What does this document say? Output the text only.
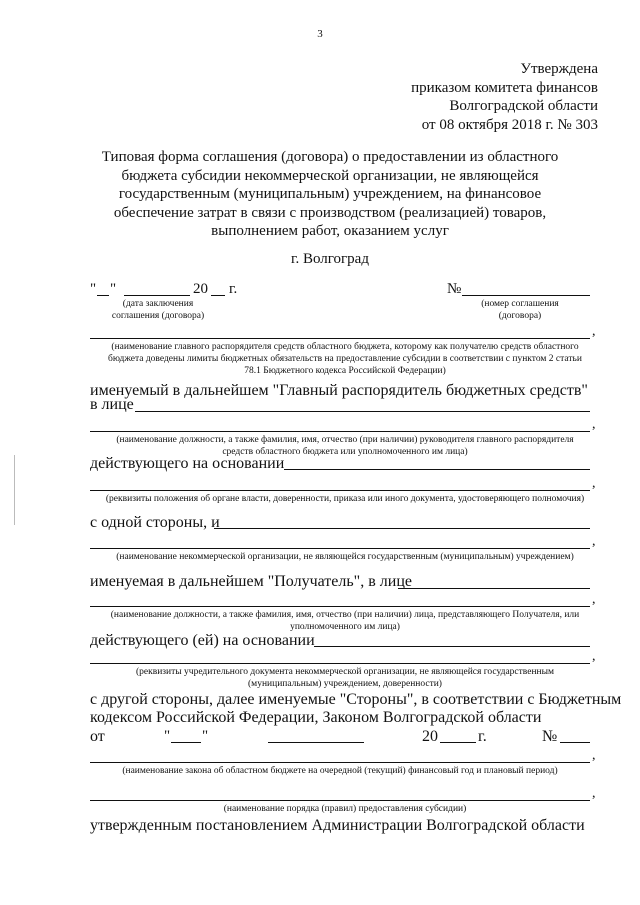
3
Утверждена
приказом комитета финансов
Волгоградской области
от 08 октября 2018 г. № 303
Типовая форма соглашения (договора) о предоставлении из областного бюджета субсидии некоммерческой организации, не являющейся государственным (муниципальным) учреждением, на финансовое обеспечение затрат в связи с производством (реализацией) товаров, выполнением работ, оказанием услуг
г. Волгоград
" "	20 г.	№
(дата заключения соглашения (договора)
(номер соглашения (договора)
,
(наименование главного распорядителя средств областного бюджета, которому как получателю средств областного бюджета доведены лимиты бюджетных обязательств на предоставление субсидии в соответствии с пунктом 2 статьи 78.1 Бюджетного кодекса Российской Федерации)
именуемый в дальнейшем "Главный распорядитель бюджетных средств"
в лице
,
(наименование должности, а также фамилия, имя, отчество (при наличии) руководителя главного распорядителя средств областного бюджета или уполномоченного им лица)
действующего на основании
,
(реквизиты положения об органе власти, доверенности, приказа или иного документа, удостоверяющего полномочия)
с одной стороны, и
,
(наименование некоммерческой организации, не являющейся государственным (муниципальным) учреждением)
именуемая в дальнейшем "Получатель", в лице
,
(наименование должности, а также фамилия, имя, отчество (при наличии) лица, представляющего Получателя, или уполномоченного им лица)
действующего (ей) на основании
,
(реквизиты учредительного документа некоммерческой организации, не являющейся государственным (муниципальным) учреждением, доверенности)
с другой стороны, далее именуемые "Стороны", в соответствии с Бюджетным
кодексом Российской Федерации, Законом Волгоградской области
от	" "	20	г.	№
,
(наименование закона об областном бюджете на очередной (текущий) финансовый год и плановый период)
,
(наименование порядка (правил) предоставления субсидии)
утвержденным постановлением Администрации Волгоградской области
